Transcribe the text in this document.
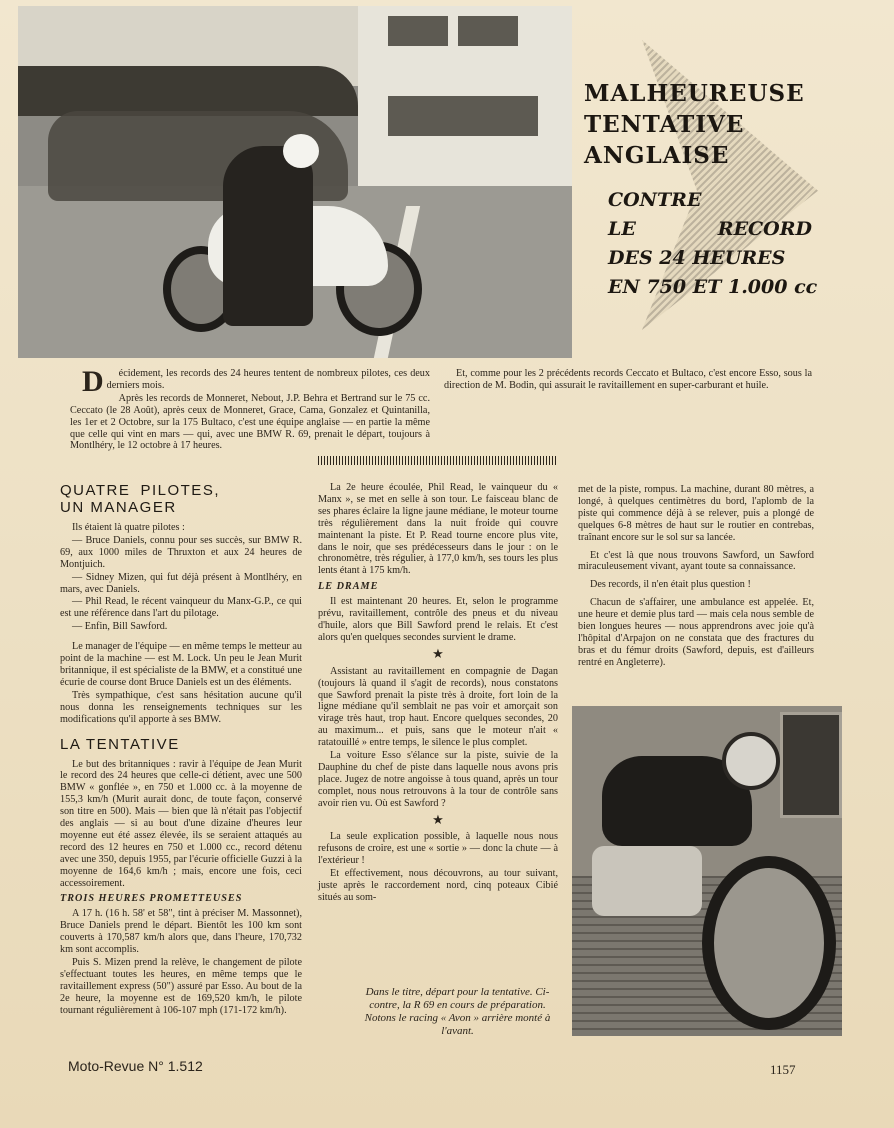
MALHEUREUSE
TENTATIVE
ANGLAISE
CONTRE
LE RECORD
DES 24 HEURES
EN 750 ET 1.000 cc

Décidement, les records des 24 heures tentent de nombreux pilotes, ces deux derniers mois.

Après les records de Monneret, Nebout, J.P. Behra et Bertrand sur le 75 cc. Ceccato (le 28 Août), après ceux de Monneret, Grace, Cama, Gonzalez et Quintanilla, les 1er et 2 Octobre, sur la 175 Bultaco, c'est une équipe anglaise — en partie la même que celle qui vint en mars — qui, avec une BMW R. 69, prenait le départ, toujours à Montlhéry, le 12 octobre à 17 heures.

Et, comme pour les 2 précédents records Ceccato et Bultaco, c'est encore Esso, sous la direction de M. Bodin, qui assurait le ravitaillement en super-carburant et huile.

QUATRE PILOTES, UN MANAGER

Ils étaient là quatre pilotes :

— Bruce Daniels, connu pour ses succès, sur BMW R. 69, aux 1000 miles de Thruxton et aux 24 heures de Montjuich.

— Sidney Mizen, qui fut déjà présent à Montlhéry, en mars, avec Daniels.

— Phil Read, le récent vainqueur du Manx-G.P., ce qui est une référence dans l'art du pilotage.

— Enfin, Bill Sawford.

Le manager de l'équipe — en même temps le metteur au point de la machine — est M. Lock. Un peu le Jean Murit britannique, il est spécialiste de la BMW, et a constitué une écurie de course dont Bruce Daniels est un des éléments.

Très sympathique, c'est sans hésitation aucune qu'il nous donna les renseignements techniques sur les modifications qu'il apporte à ses BMW.

LA TENTATIVE

Le but des britanniques : ravir à l'équipe de Jean Murit le record des 24 heures que celle-ci détient, avec une 500 BMW « gonflée », en 750 et 1.000 cc. à la moyenne de 155,3 km/h (Murit aurait donc, de toute façon, conservé son titre en 500). Mais — bien que là n'était pas l'objectif des anglais — si au bout d'une dizaine d'heures leur moyenne eut été assez élevée, ils se seraient attaqués au record des 12 heures en 750 et 1.000 cc., record détenu avec une 350, depuis 1955, par l'écurie officielle Guzzi à la moyenne de 164,6 km/h ; mais, encore une fois, ceci accessoirement.

TROIS HEURES PROMETTEUSES

A 17 h. (16 h. 58' et 58", tint à préciser M. Massonnet), Bruce Daniels prend le départ. Bientôt les 100 km sont couverts à 170,587 km/h alors que, dans l'heure, 170,732 km sont accomplis.

Puis S. Mizen prend la relève, le changement de pilote s'effectuant toutes les heures, en même temps que le ravitaillement express (50") assuré par Esso. Au bout de la 2e heure, la moyenne est de 169,520 km/h, le pilote tournant régulièrement à 106-107 mph (171-172 km/h).

La 2e heure écoulée, Phil Read, le vainqueur du « Manx », se met en selle à son tour. Le faisceau blanc de ses phares éclaire la ligne jaune médiane, le moteur tourne très régulièrement dans la nuit froide qui couvre maintenant la piste. Et P. Read tourne encore plus vite, dans le noir, que ses prédécesseurs dans le jour : on le chronomètre, très régulier, à 177,0 km/h, ses tours les plus lents étant à 175 km/h.

LE DRAME

Il est maintenant 20 heures. Et, selon le programme prévu, ravitaillement, contrôle des pneus et du niveau d'huile, alors que Bill Sawford prend le relais. Et c'est alors qu'en quelques secondes survient le drame.

★

Assistant au ravitaillement en compagnie de Dagan (toujours là quand il s'agit de records), nous constatons que Sawford prenait la piste très à droite, fort loin de la ligne médiane qu'il semblait ne pas voir et amorçait son virage très haut, trop haut. Encore quelques secondes, 20 au maximum... et puis, sans que le moteur n'ait « ratatouillé » entre temps, le silence le plus complet.

La voiture Esso s'élance sur la piste, suivie de la Dauphine du chef de piste dans laquelle nous avons pris place. Jugez de notre angoisse à tous quand, après un tour complet, nous nous retrouvons à la tour de contrôle sans avoir rien vu. Où est Sawford ?

★

La seule explication possible, à laquelle nous nous refusons de croire, est une « sortie » — donc la chute — à l'extérieur !

Et effectivement, nous découvrons, au tour suivant, juste après le raccordement nord, cinq poteaux Cibié situés au som-

Dans le titre, départ pour la tentative. Ci-contre, la R 69 en cours de préparation. Notons le racing « Avon » arrière monté à l'avant.

met de la piste, rompus. La machine, durant 80 mètres, a longé, à quelques centimètres du bord, l'aplomb de la piste qui commence déjà à se relever, puis a plongé de quelques 6-8 mètres de haut sur le routier en contrebas, traînant encore sur le sol sur sa lancée.

Et c'est là que nous trouvons Sawford, un Sawford miraculeusement vivant, ayant toute sa connaissance.

Des records, il n'en était plus question !

Chacun de s'affairer, une ambulance est appelée. Et, une heure et demie plus tard — mais cela nous semble de bien longues heures — nous apprendrons avec joie qu'à l'hôpital d'Arpajon on ne constata que des fractures du bras et du fémur droits (Sawford, depuis, est d'ailleurs rentré en Angleterre).

Moto-Revue N° 1.512	1157
